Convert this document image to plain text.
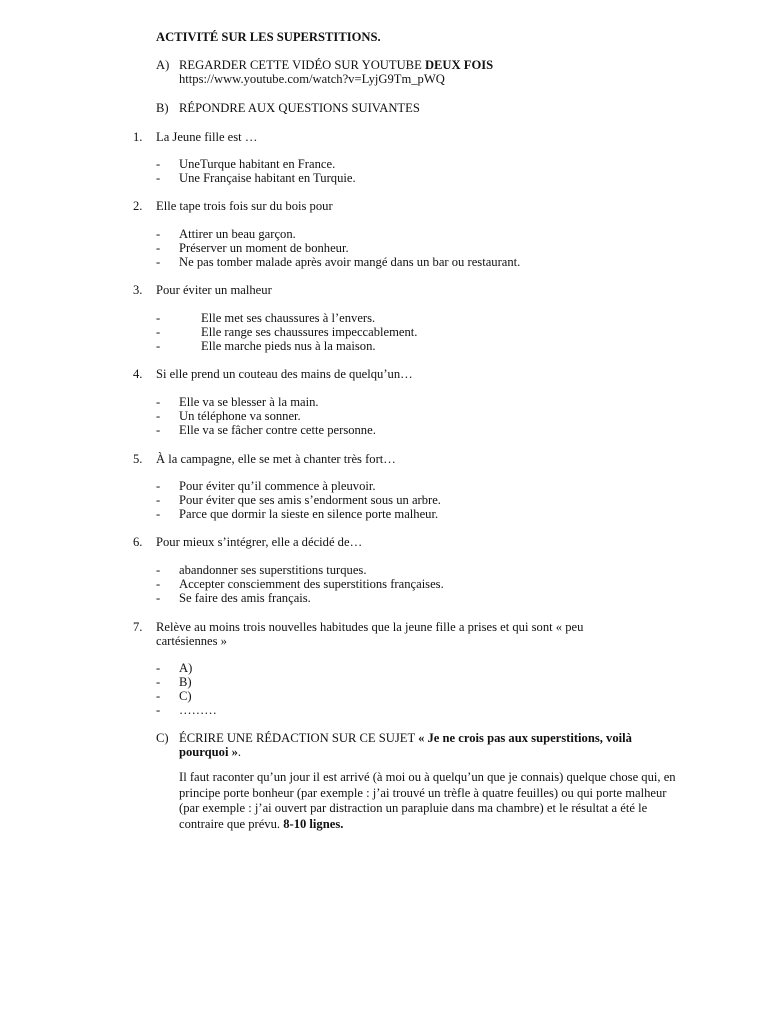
ACTIVITÉ SUR LES SUPERSTITIONS.
A) REGARDER CETTE VIDÉO SUR YOUTUBE DEUX FOIS
https://www.youtube.com/watch?v=LyjG9Tm_pWQ
B) RÉPONDRE AUX QUESTIONS SUIVANTES
1. La Jeune fille est …
- UneTurque habitant en France.
- Une Française habitant en Turquie.
2. Elle tape trois fois sur du bois pour
- Attirer un beau garçon.
- Préserver un moment de bonheur.
- Ne pas tomber malade après avoir mangé dans un bar ou restaurant.
3. Pour éviter un malheur
-	Elle met ses chaussures à l’envers.
-	Elle range ses chaussures impeccablement.
-	Elle marche pieds nus à la maison.
4. Si elle prend un couteau des mains de quelqu’un…
- Elle va se blesser à la main.
- Un téléphone va sonner.
- Elle va se fâcher contre cette personne.
5. À la campagne, elle se met à chanter très fort…
- Pour éviter qu’il commence à pleuvoir.
- Pour éviter que ses amis s’endorment sous un arbre.
- Parce que dormir la sieste en silence porte malheur.
6. Pour mieux s’intégrer, elle a décidé de…
- abandonner ses superstitions turques.
- Accepter consciemment des superstitions françaises.
- Se faire des amis français.
7. Relève au moins trois nouvelles habitudes que la jeune fille a prises et qui sont « peu
cartésiennes »
- A)
- B)
- C)
- ………
C) ÉCRIRE UNE RÉDACTION SUR CE SUJET « Je ne crois pas aux superstitions, voilà
pourquoi ».
Il faut raconter qu’un jour il est arrivé (à moi ou à quelqu’un que je connais) quelque chose qui, en principe porte bonheur (par exemple : j’ai trouvé un trèfle à quatre feuilles) ou qui porte malheur (par exemple : j’ai ouvert par distraction un parapluie dans ma chambre) et le résultat a été le contraire que prévu. 8-10 lignes.
